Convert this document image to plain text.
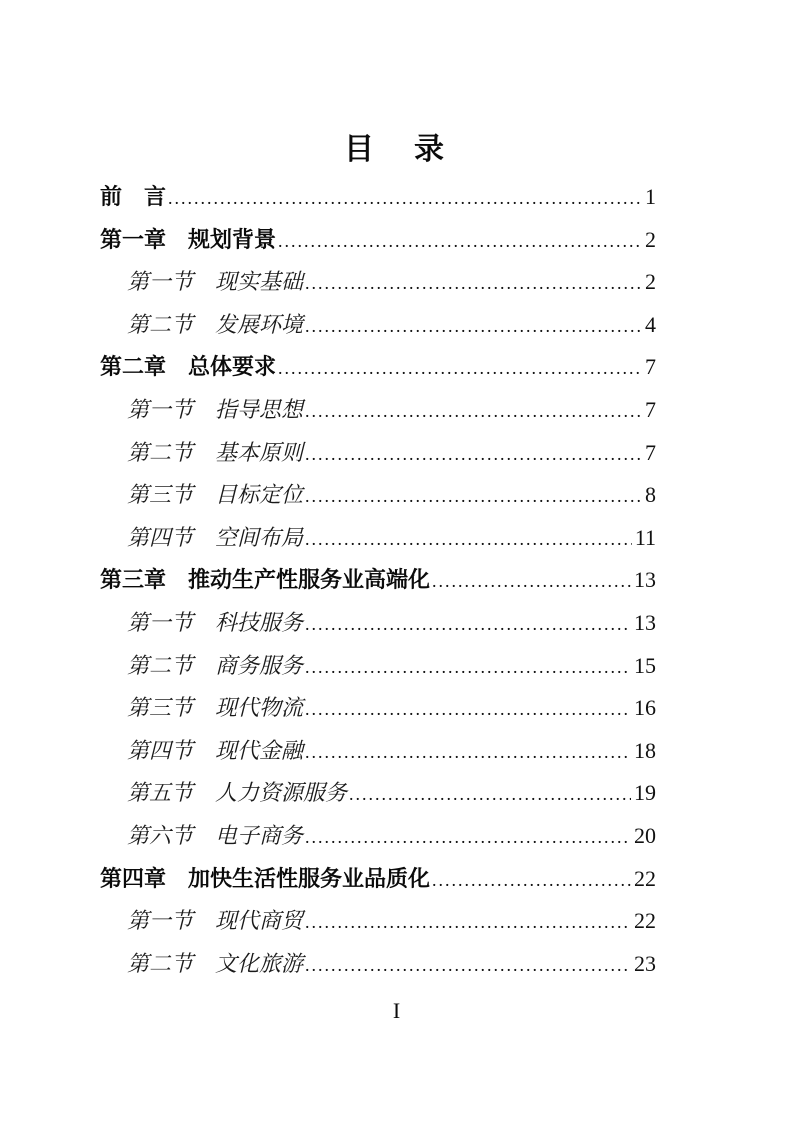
目　录
前　言 .....	1
第一章　规划背景 .....	2
第一节　现实基础 .....	2
第二节　发展环境 .....	4
第二章　总体要求 .....	7
第一节　指导思想 .....	7
第二节　基本原则 .....	7
第三节　目标定位 .....	8
第四节　空间布局 .....	11
第三章　推动生产性服务业高端化 .....	13
第一节　科技服务 .....	13
第二节　商务服务 .....	15
第三节　现代物流 .....	16
第四节　现代金融 .....	18
第五节　人力资源服务 .....	19
第六节　电子商务 .....	20
第四章　加快生活性服务业品质化 .....	22
第一节　现代商贸 .....	22
第二节　文化旅游 .....	23
I
